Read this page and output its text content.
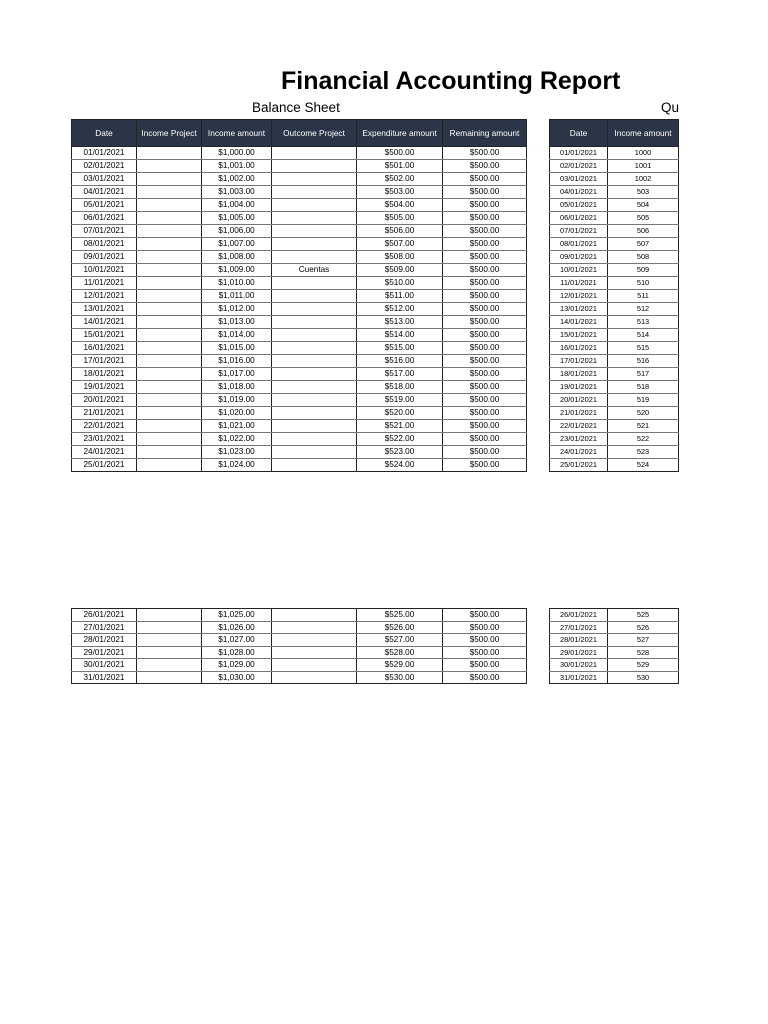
Financial Accounting Report
Balance Sheet	Qu
Date	Income Project	Income amount	Outcome Project	Expenditure amount	Remaining amount
01/01/2021		$1,000.00		$500.00	$500.00
02/01/2021		$1,001.00		$501.00	$500.00
03/01/2021		$1,002.00		$502.00	$500.00
04/01/2021		$1,003.00		$503.00	$500.00
05/01/2021		$1,004.00		$504.00	$500.00
06/01/2021		$1,005.00		$505.00	$500.00
07/01/2021		$1,006.00		$506.00	$500.00
08/01/2021		$1,007.00		$507.00	$500.00
09/01/2021		$1,008.00		$508.00	$500.00
10/01/2021		$1,009.00	Cuentas	$509.00	$500.00
11/01/2021		$1,010.00		$510.00	$500.00
12/01/2021		$1,011.00		$511.00	$500.00
13/01/2021		$1,012.00		$512.00	$500.00
14/01/2021		$1,013.00		$513.00	$500.00
15/01/2021		$1,014.00		$514.00	$500.00
16/01/2021		$1,015.00		$515.00	$500.00
17/01/2021		$1,016.00		$516.00	$500.00
18/01/2021		$1,017.00		$517.00	$500.00
19/01/2021		$1,018.00		$518.00	$500.00
20/01/2021		$1,019.00		$519.00	$500.00
21/01/2021		$1,020.00		$520.00	$500.00
22/01/2021		$1,021.00		$521.00	$500.00
23/01/2021		$1,022.00		$522.00	$500.00
24/01/2021		$1,023.00		$523.00	$500.00
25/01/2021		$1,024.00		$524.00	$500.00
26/01/2021		$1,025.00		$525.00	$500.00
27/01/2021		$1,026.00		$526.00	$500.00
28/01/2021		$1,027.00		$527.00	$500.00
29/01/2021		$1,028.00		$528.00	$500.00
30/01/2021		$1,029.00		$529.00	$500.00
31/01/2021		$1,030.00		$530.00	$500.00
Date	Income amount
01/01/2021	1000
02/01/2021	1001
03/01/2021	1002
04/01/2021	503
05/01/2021	504
06/01/2021	505
07/01/2021	506
08/01/2021	507
09/01/2021	508
10/01/2021	509
11/01/2021	510
12/01/2021	511
13/01/2021	512
14/01/2021	513
15/01/2021	514
16/01/2021	515
17/01/2021	516
18/01/2021	517
19/01/2021	518
20/01/2021	519
21/01/2021	520
22/01/2021	521
23/01/2021	522
24/01/2021	523
25/01/2021	524
26/01/2021	525
27/01/2021	526
28/01/2021	527
29/01/2021	528
30/01/2021	529
31/01/2021	530
